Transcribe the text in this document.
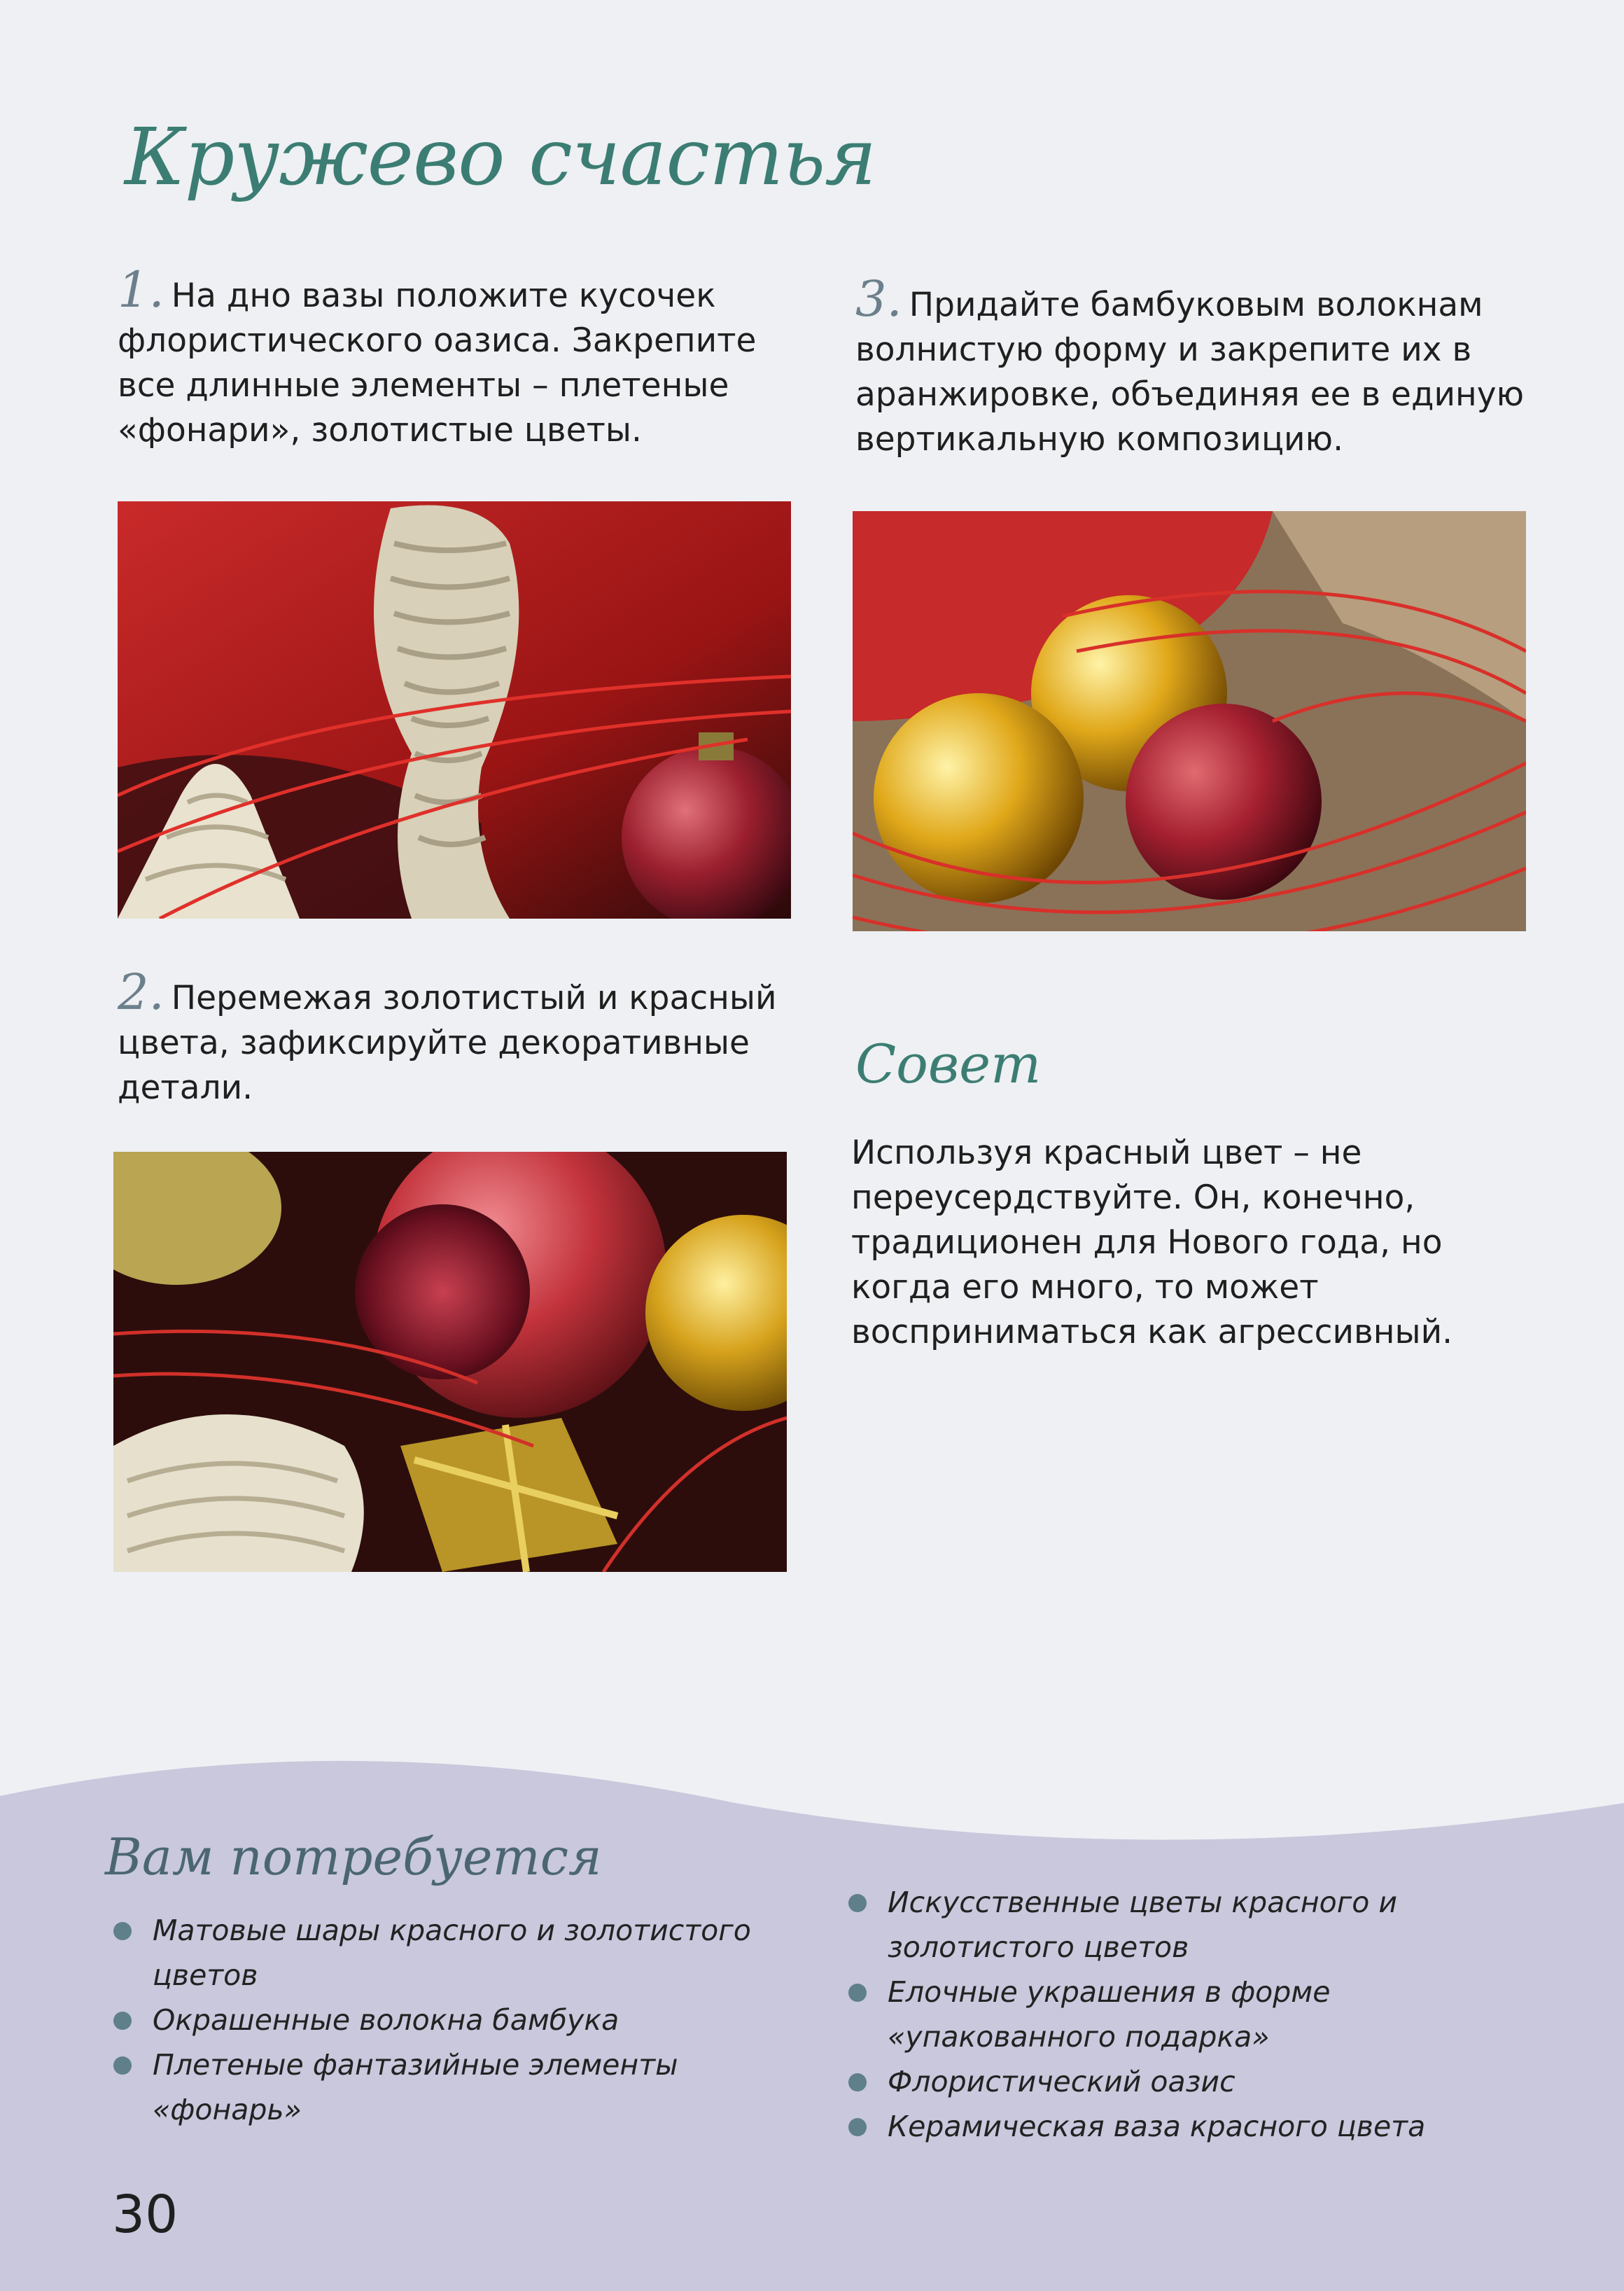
Кружево счастья
1. На дно вазы положите кусочек флористического оазиса. Закрепите все длинные элементы – плетеные «фонари», золотистые цветы.
2. Перемежая золотистый и красный цвета, зафиксируйте декоративные детали.
3. Придайте бамбуковым волокнам волнистую форму и закрепите их в аранжировке, объединяя ее в единую вертикальную композицию.
Совет
Используя красный цвет – не переусердствуйте. Он, конечно, традиционен для Нового года, но когда его много, то может восприниматься как агрессивный.
Вам потребуется
Матовые шары красного и золотистого цветов
Окрашенные волокна бамбука
Плетеные фантазийные элементы «фонарь»
Искусственные цветы красного и золотистого цветов
Елочные украшения в форме «упакованного подарка»
Флористический оазис
Керамическая ваза красного цвета
30
